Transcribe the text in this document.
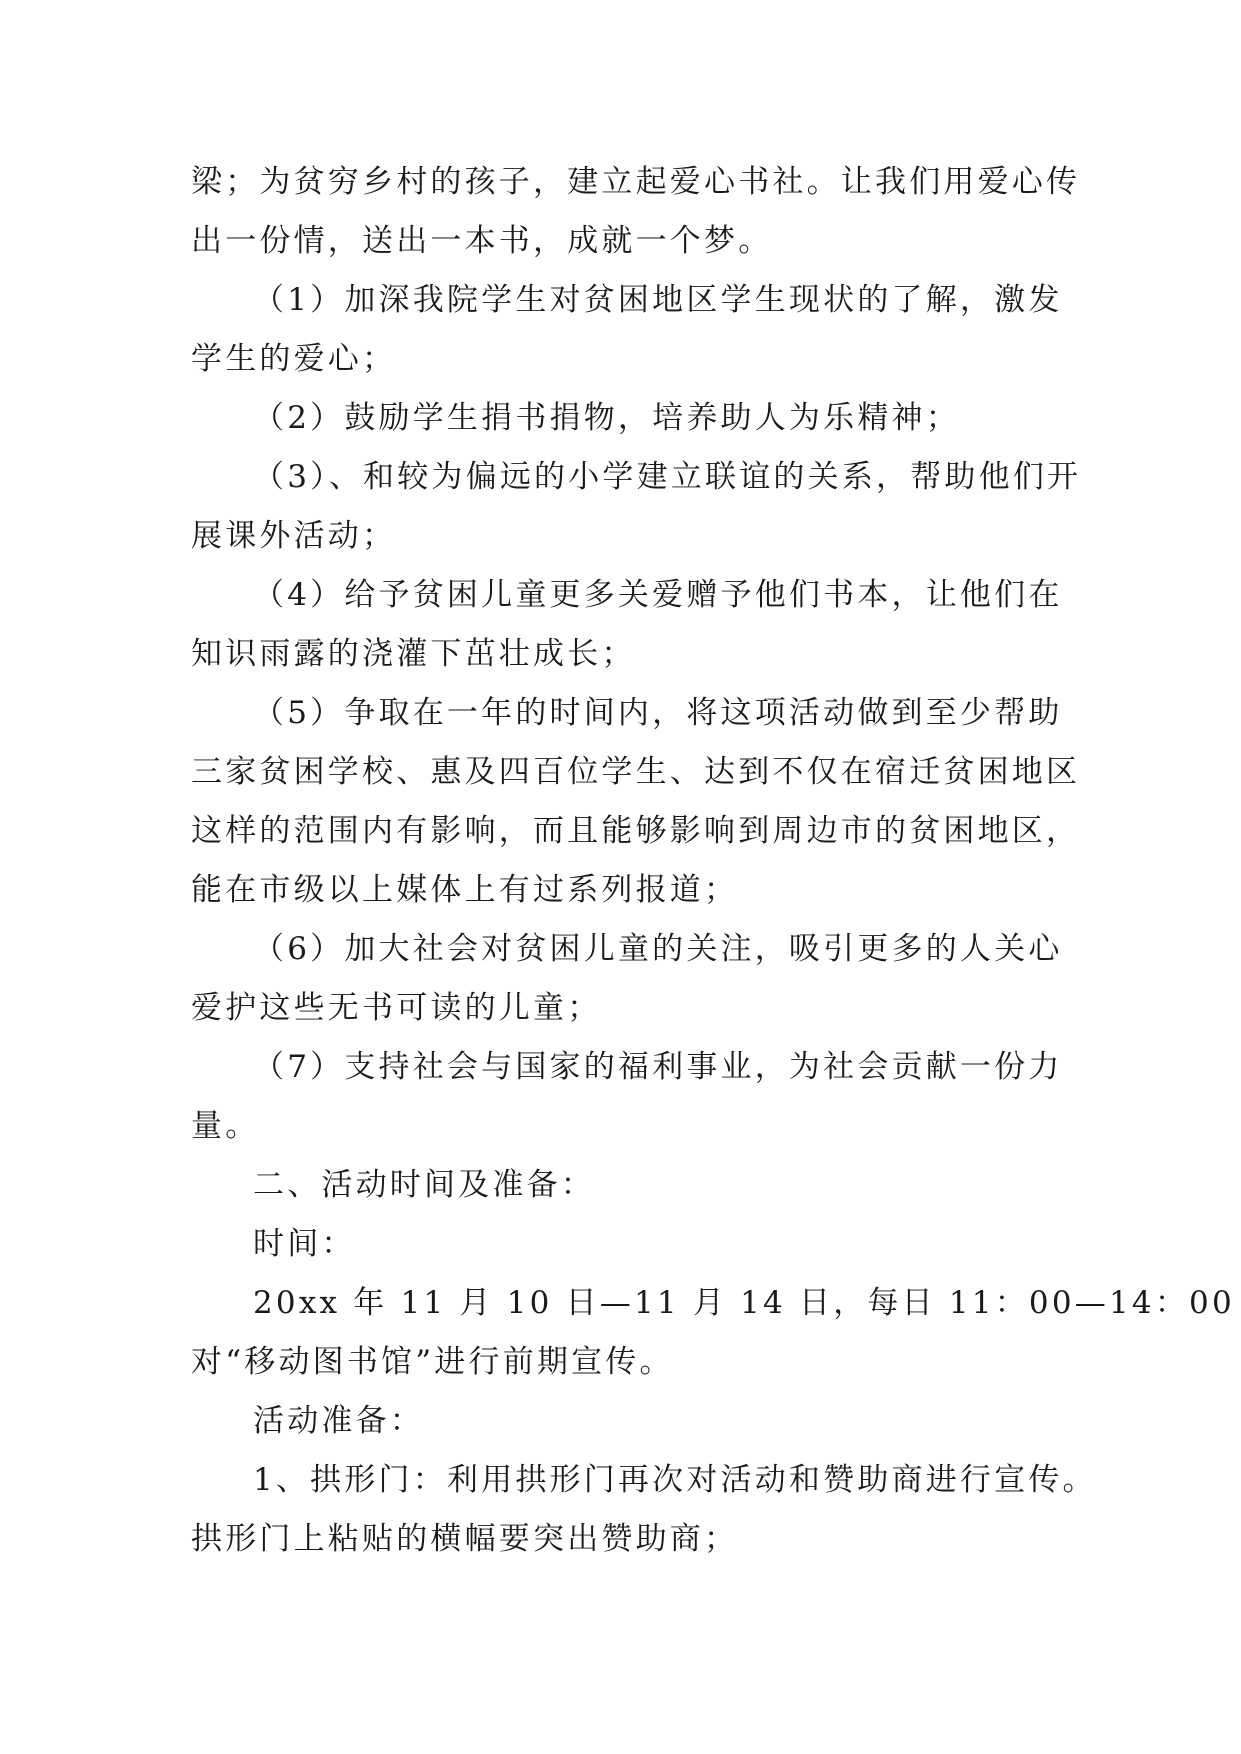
梁；为贫穷乡村的孩子，建立起爱心书社。让我们用爱心传

出一份情，送出一本书，成就一个梦。

（1）加深我院学生对贫困地区学生现状的了解，激发

学生的爱心；

（2）鼓励学生捐书捐物，培养助人为乐精神；

（3）、和较为偏远的小学建立联谊的关系，帮助他们开

展课外活动；

（4）给予贫困儿童更多关爱赠予他们书本，让他们在

知识雨露的浇灌下茁壮成长；

（5）争取在一年的时间内，将这项活动做到至少帮助

三家贫困学校、惠及四百位学生、达到不仅在宿迁贫困地区

这样的范围内有影响，而且能够影响到周边市的贫困地区，

能在市级以上媒体上有过系列报道；

（6）加大社会对贫困儿童的关注，吸引更多的人关心

爱护这些无书可读的儿童；

（7）支持社会与国家的福利事业，为社会贡献一份力

量。

二、活动时间及准备：

时间：

20xx 年 11 月 10 日—11 月 14 日，每日 11：00—14：00

对“移动图书馆”进行前期宣传。

活动准备：

1、拱形门：利用拱形门再次对活动和赞助商进行宣传。

拱形门上粘贴的横幅要突出赞助商；
